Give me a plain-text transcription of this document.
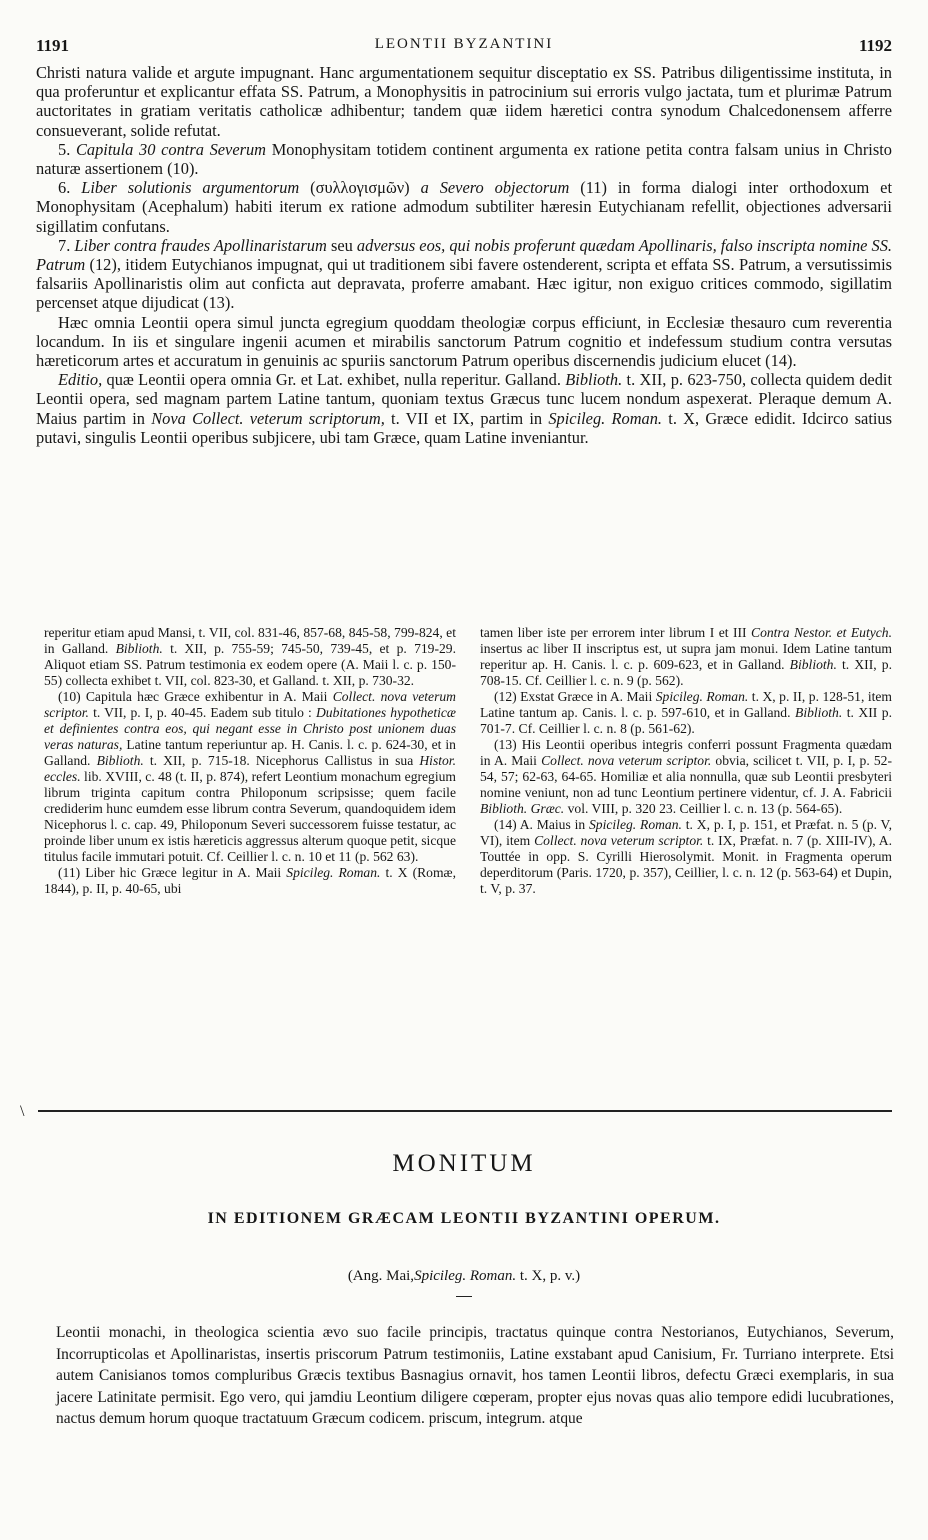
1191	LEONTII BYZANTINI	1192

Christi natura valide et argute impugnant. Hanc argumentationem sequitur disceptatio ex SS. Patribus diligentissime instituta, in qua proferuntur et explicantur effata SS. Patrum, a Monophysitis in patrocinium sui erroris vulgo jactata, tum et plurimæ Patrum auctoritates in gratiam veritatis catholicæ adhibentur; tandem quæ iidem hæretici contra synodum Chalcedonensem afferre consueverant, solide refutat.

5. Capitula 30 contra Severum Monophysitam totidem continent argumenta ex ratione petita contra falsam unius in Christo naturæ assertionem (10).

6. Liber solutionis argumentorum (συλλογισμῶν) a Severo objectorum (11) in forma dialogi inter orthodoxum et Monophysitam (Acephalum) habiti iterum ex ratione admodum subtiliter hæresin Eutychianam refellit, objectiones adversarii sigillatim confutans.

7. Liber contra fraudes Apollinaristarum seu adversus eos, qui nobis proferunt quædam Apollinaris, falso inscripta nomine SS. Patrum (12), itidem Eutychianos impugnat, qui ut traditionem sibi favere ostenderent, scripta et effata SS. Patrum, a versutissimis falsariis Apollinaristis olim aut conficta aut depravata, proferre amabant. Hæc igitur, non exiguo critices commodo, sigillatim percenset atque dijudicat (13).

Hæc omnia Leontii opera simul juncta egregium quoddam theologiæ corpus efficiunt, in Ecclesiæ thesauro cum reverentia locandum. In iis et singulare ingenii acumen et mirabilis sanctorum Patrum cognitio et indefessum studium contra versutas hæreticorum artes et accuratum in genuinis ac spuriis sanctorum Patrum operibus discernendis judicium elucet (14).

Editio, quæ Leontii opera omnia Gr. et Lat. exhibet, nulla reperitur. Galland. Biblioth. t. XII, p. 623-750, collecta quidem dedit Leontii opera, sed magnam partem Latine tantum, quoniam textus Græcus tunc lucem nondum aspexerat. Pleraque demum A. Maius partim in Nova Collect. veterum scriptorum, t. VII et IX, partim in Spicileg. Roman. t. X, Græce edidit. Idcirco satius putavi, singulis Leontii operibus subjicere, ubi tam Græce, quam Latine inveniantur.

reperitur etiam apud Mansi, t. VII, col. 831-46, 857-68, 845-58, 799-824, et in Galland. Biblioth. t. XII, p. 755-59; 745-50, 739-45, et p. 719-29. Aliquot etiam SS. Patrum testimonia ex eodem opere (A. Maii l. c. p. 150-55) collecta exhibet t. VII, col. 823-30, et Galland. t. XII, p. 730-32.

(10) Capitula hæc Græce exhibentur in A. Maii Collect. nova veterum scriptor. t. VII, p. I, p. 40-45. Eadem sub titulo : Dubitationes hypotheticæ et definientes contra eos, qui negant esse in Christo post unionem duas veras naturas, Latine tantum reperiuntur ap. H. Canis. l. c. p. 624-30, et in Galland. Biblioth. t. XII, p. 715-18. Nicephorus Callistus in sua Histor. eccles. lib. XVIII, c. 48 (t. II, p. 874), refert Leontium monachum egregium librum triginta capitum contra Philoponum scripsisse; quem facile crediderim hunc eumdem esse librum contra Severum, quandoquidem idem Nicephorus l. c. cap. 49, Philoponum Severi successorem fuisse testatur, ac proinde liber unum ex istis hæreticis aggressus alterum quoque petit, sicque titulus facile immutari potuit. Cf. Ceillier l. c. n. 10 et 11 (p. 562 63).

(11) Liber hic Græce legitur in A. Maii Spicileg. Roman. t. X (Romæ, 1844), p. II, p. 40-65, ubi

tamen liber iste per errorem inter librum I et III Contra Nestor. et Eutych. insertus ac liber II inscriptus est, ut supra jam monui. Idem Latine tantum reperitur ap. H. Canis. l. c. p. 609-623, et in Galland. Biblioth. t. XII, p. 708-15. Cf. Ceillier l. c. n. 9 (p. 562).

(12) Exstat Græce in A. Maii Spicileg. Roman. t. X, p. II, p. 128-51, item Latine tantum ap. Canis. l. c. p. 597-610, et in Galland. Biblioth. t. XII p. 701-7. Cf. Ceillier l. c. n. 8 (p. 561-62).

(13) His Leontii operibus integris conferri possunt Fragmenta quædam in A. Maii Collect. nova veterum scriptor. obvia, scilicet t. VII, p. I, p. 52-54, 57; 62-63, 64-65. Homiliæ et alia nonnulla, quæ sub Leontii presbyteri nomine veniunt, non ad tunc Leontium pertinere videntur, cf. J. A. Fabricii Biblioth. Græc. vol. VIII, p. 320 23. Ceillier l. c. n. 13 (p. 564-65).

(14) A. Maius in Spicileg. Roman. t. X, p. I, p. 151, et Præfat. n. 5 (p. V, VI), item Collect. nova veterum scriptor. t. IX, Præfat. n. 7 (p. XIII-IV), A. Touttée in opp. S. Cyrilli Hierosolymit. Monit. in Fragmenta operum deperditorum (Paris. 1720, p. 357), Ceillier, l. c. n. 12 (p. 563-64) et Dupin, t. V, p. 37.

\
MONITUM
IN EDITIONEM GRÆCAM LEONTII BYZANTINI OPERUM.
(Ang. Mai,Spicileg. Roman. t. X, p. v.)

Leontii monachi, in theologica scientia ævo suo facile principis, tractatus quinque contra Nestorianos, Eutychianos, Severum, Incorrupticolas et Apollinaristas, insertis priscorum Patrum testimoniis, Latine exstabant apud Canisium, Fr. Turriano interprete. Etsi autem Canisianos tomos compluribus Græcis textibus Basnagius ornavit, hos tamen Leontii libros, defectu Græci exemplaris, in sua jacere Latinitate permisit. Ego vero, qui jamdiu Leontium diligere cœperam, propter ejus novas quas alio tempore edidi lucubrationes, nactus demum horum quoque tractatuum Græcum codicem. priscum, integrum. atque
